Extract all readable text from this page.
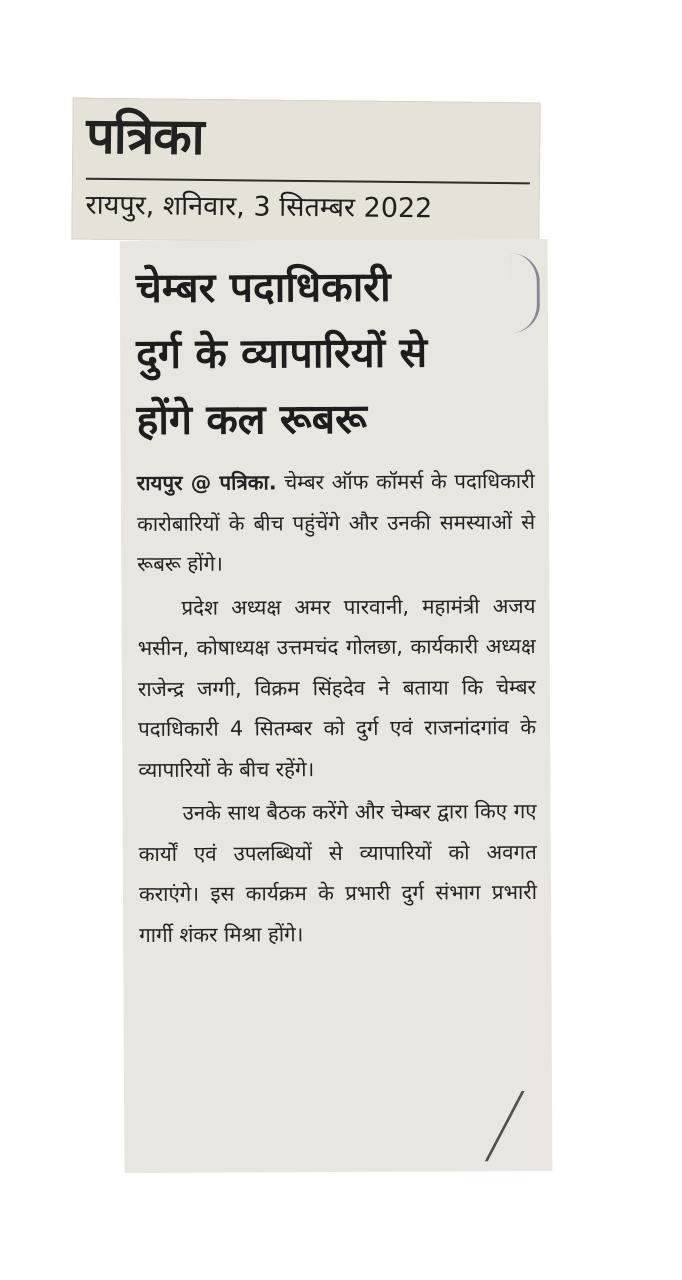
पत्रिका
रायपुर, शनिवार, 3 सितम्बर 2022
चेम्बर पदाधिकारी
दुर्ग के व्यापारियों से
होंगे कल रूबरू

रायपुर @ पत्रिका. चेम्बर ऑफ कॉमर्स के पदाधिकारी कारोबारियों के बीच पहुंचेंगे और उनकी समस्याओं से रूबरू होंगे।

प्रदेश अध्यक्ष अमर पारवानी, महामंत्री अजय भसीन, कोषाध्यक्ष उत्तमचंद गोलछा, कार्यकारी अध्यक्ष राजेन्द्र जग्गी, विक्रम सिंहदेव ने बताया कि चेम्बर पदाधिकारी 4 सितम्बर को दुर्ग एवं राजनांदगांव के व्यापारियों के बीच रहेंगे।

उनके साथ बैठक करेंगे और चेम्बर द्वारा किए गए कार्यों एवं उपलब्धियों से व्यापारियों को अवगत कराएंगे। इस कार्यक्रम के प्रभारी दुर्ग संभाग प्रभारी गार्गी शंकर मिश्रा होंगे।
